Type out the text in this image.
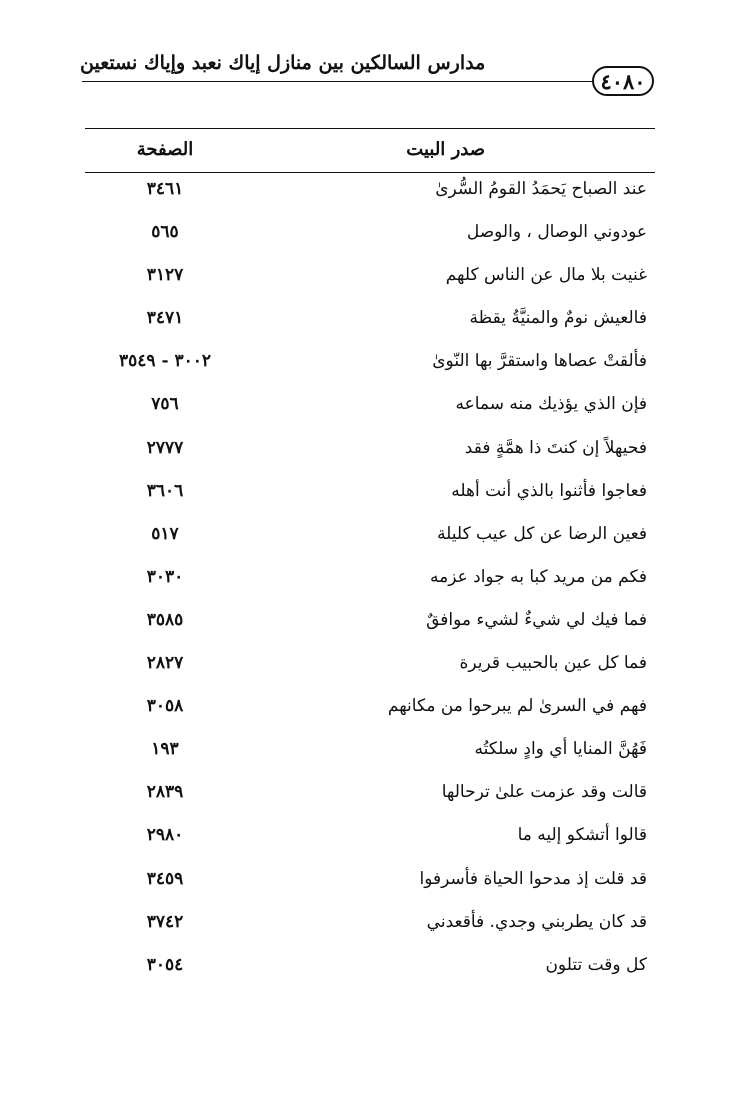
مدارس السالكين بين منازل إياك نعبد وإياك نستعين
٤٠٨٠
صدر البيت
الصفحة
عند الصباح يَحمَدُ القومُ السُّرىٰ
٣٤٦١
عودوني الوصال ، والوصل
٥٦٥
غنيت بلا مال عن الناس كلهم
٣١٢٧
فالعيش نومٌ والمنيَّةُ يقظة
٣٤٧١
فألقتْ عصاها واستقرَّ بها النّوىٰ
٣٠٠٢ - ٣٥٤٩
فإن الذي يؤذيك منه سماعه
٧٥٦
فحيهلاً إن كنتَ ذا همَّةٍ فقد
٢٧٧٧
فعاجوا فأثنوا بالذي أنت أهله
٣٦٠٦
فعين الرضا عن كل عيب كليلة
٥١٧
فكم من مريد كبا به جواد عزمه
٣٠٣٠
فما فيك لي شيءٌ لشيء موافقٌ
٣٥٨٥
فما كل عين بالحبيب قريرة
٢٨٢٧
فهم في السرىٰ لم يبرحوا من مكانهم
٣٠٥٨
فَهُنَّ المنايا أي وادٍ سلكتُه
١٩٣
قالت وقد عزمت علىٰ ترحالها
٢٨٣٩
قالوا أتشكو إليه ما
٢٩٨٠
قد قلت إذ مدحوا الحياة فأسرفوا
٣٤٥٩
قد كان يطربني وجدي. فأقعدني
٣٧٤٢
كل وقت تتلون
٣٠٥٤
